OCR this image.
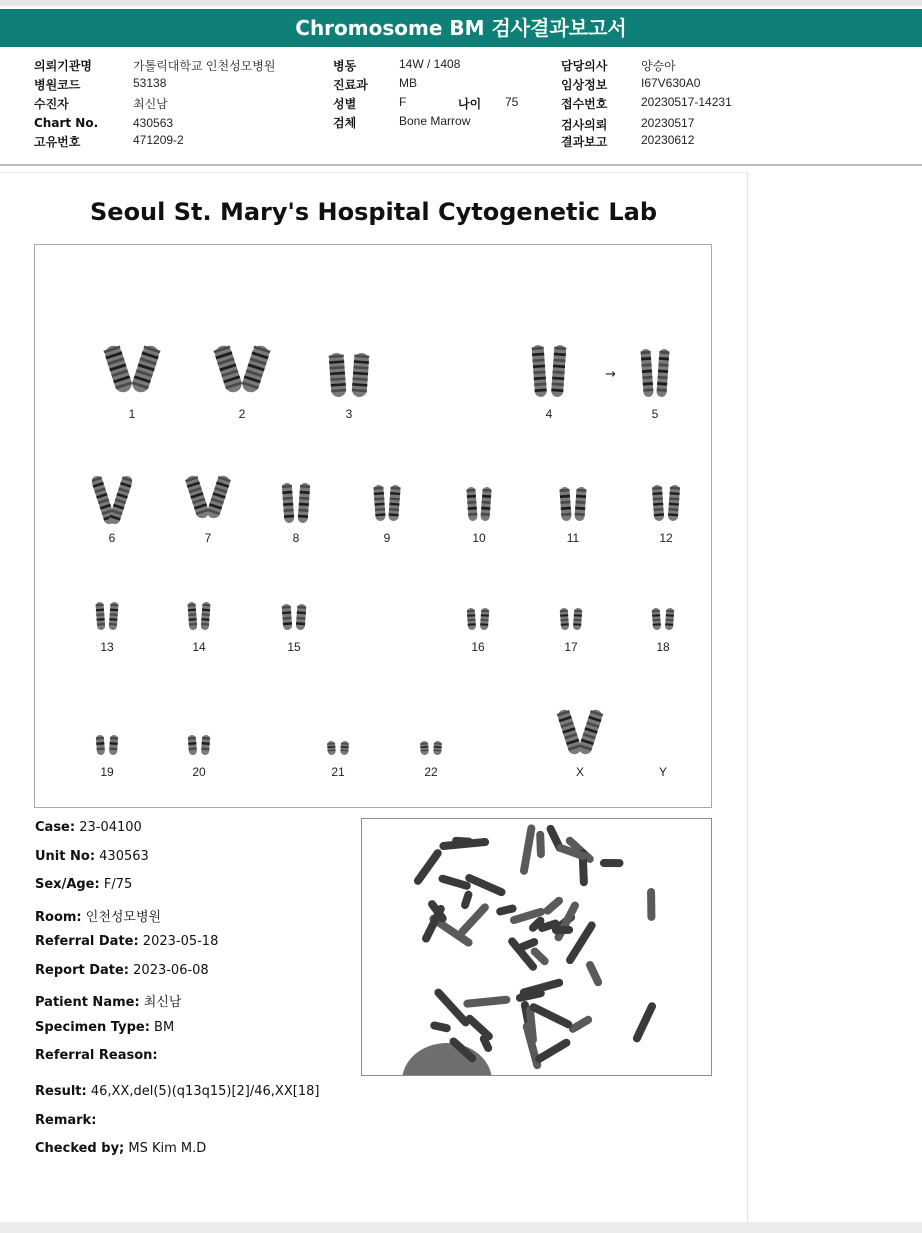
Chromosome BM 검사결과보고서
의뢰기관명	가톨릭대학교 인천성모병원
병원코드	53138
수진자	최신남
Chart No.	430563
고유번호	471209-2
병동	14W / 1408
진료과	MB
성별	F	나이 75
검체	Bone Marrow
담당의사	양승아
임상정보	I67V630A0
접수번호	20230517-14231
검사의뢰	20230517
결과보고	20230612
Seoul St. Mary's Hospital Cytogenetic Lab
→
1	2	3	4	5
6	7	8	9	10	11	12
13	14	15	16	17	18
19	20	21	22	X	Y
Case: 23-04100
Unit No: 430563
Sex/Age: F/75
Room: 인천성모병원
Referral Date: 2023-05-18
Report Date: 2023-06-08
Patient Name: 최신남
Specimen Type: BM
Referral Reason:
Result: 46,XX,del(5)(q13q15)[2]/46,XX[18]
Remark:
Checked by; MS Kim M.D
